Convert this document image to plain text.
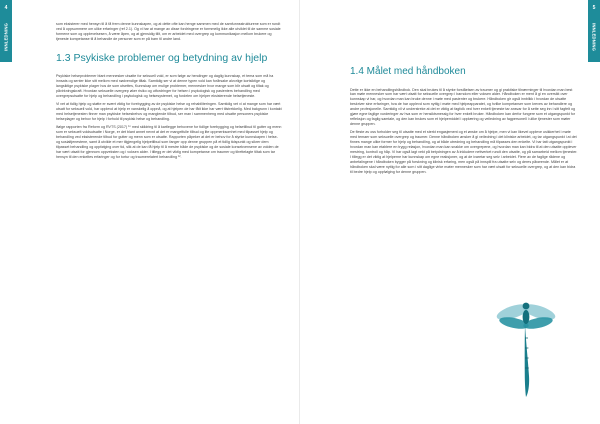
4
INNLEDNING	som eksisterer med hensyn til å få frem denne kunnskapen, og at dette ofte kan henge sammen med de samfunnsstrukturene som er rundt ved å oppsummere om ulike erfaringer (ref 2.1). Og vi har at mange av disse fordringene er formmelig ikke alle utviklet til de samme sosiale formene som og opplevelsesen, å være åpen, og at gjensidig tilit, om er arbeidet med overgrep og kommunikasjon mellom brukere og tjeneste kompetanse til å behandle de personer som er på barn til andre land.

1.3 Psykiske problemer og betydning av hjelp

Psykiske helseproblemer blant mennesker utsatte for seksuell vold, er som følge av hendinger og daglig kunnskap, et tema som må ha innsats og senter ikke sitt mellom med nødvendige tiltak. Samtidig ser vi at denne typen vold kan forårsake alvorlige kortsiktige og langsiktige psykiske plager hos de som utsettes, Kunnskap om mulige problemer, mennesker hvor mange som blir utsatt og tiltak og påvirkningskraft. Hvordan seksuelle overgrep øker risiko og utfordringer for helsen i psykologisk og pasienters behandling med overgrepsutsatte for hjelp og behandling i psykologisk og helsesystemet, og fordelen om hjelper eksisterende helsetjeneste.

Vi vet at tidlig hjelp og støtte er svært viktig for forebygging av de psykiske helse og rehabiliteringen. Samtidig vet vi at mange som har vært utsatt for seksuell vold, har opplevd at hjelp er vanskelig å oppnå, og at hjelpen de har fått ikke har vært tilstrekkelig. Med bakgrunn i kontakt med helsetjenesten finner man psykiske helsesbehov og manglende tilbud, ser man i sammenheng med utsatte personers psykiske helseplager og behov for hjelp i forhold til psykisk helse og behandling.

Ifølge rapporten fra Reform og RVTS (2017) ¹⁰ med skildring til å kartlegge behovene for tidlige forebygging og helsetilbud til gutter og menn som er seksuelt voldsutsatte i Norge, er det blant annet nevnt at det er mangelfulle tilbud og lite oppmerksomhet med tilpasset hjelp og behandling ved eksisterende tilbud for gutter og menn som er utsatte. Rapporten påpeker at det er behov for å styrke kunnskapen i helse- og sosialtjenestene, samt å utvikle et mer tilgjengelig hjelpetilbud som fanger opp denne gruppen på et tidlig tidspunkt og sikrer dem tilpasset behandling og oppfølging over tid, slik at de kan få hjelp til å mestre både de psykiske og de sosiale konsekvensene av volden de har vært utsatt for gjennom oppveksten og i voksen alder. I tillegg er det viktig med kompetanse om traumer og tilrettelagte tiltak som tar hensyn til den enkeltes erfaringer og for tortur og traumerelatert behandling ¹².

5
INNLEDNING
1.4 Målet med håndboken

Dette er ikke en behandlingshåndbok. Den skal brukes til å styrke forståelsen av traumer og gi praktiske tilnærminger til hvordan man best kan møte mennesker som har vært utsatt for seksuelle overgrep i barndom eller voksen alder. Håndboken er ment å gi en oversikt over kunnskap vi har, og hvordan man kan bruke denne i møte med pasienter og brukere. Håndboken gir også innblikk i hvordan de utsatte beskriver sine erfaringer, hva de har opplevd som nyttig i møte med hjelpeapparatet, og hvilke kompetanser som kreves av behandlere og andre profesjonelle. Samtidig vil vi understreke at det er viktig at fagfolk ved hver enkelt tjeneste tar ansvar for å sette seg inn i sitt fagfelt og gjøre egne faglige vurderinger av hva som er hensiktsmessig for hver enkelt bruker. Håndboken kan derfor fungere som et utgangspunkt for refleksjon og faglig samtale, og den kan brukes som et hjelpemiddel i opplæring og veiledning av fagpersonell i ulike tjenester som møter denne gruppen.

De fleste av oss forholder seg til utsatte med et sterkt engasjement og et ønske om å hjelpe, men vi kan likevel oppleve usikkerhet i møte med temaer som seksuelle overgrep og traumer. Denne håndboken ønsker å gi veiledning i det kliniske arbeidet, og tar utgangspunkt i at det finnes mange ulike former for hjelp og behandling, og at både utredning og behandling må tilpasses den enkelte. Vi har tatt utgangspunkt i hvordan man kan etablere en trygg relasjon, hvordan man kan snakke om overgrepene, og hvordan man kan bidra til at den utsatte opplever mestring, kontroll og håp. Vi har også lagt vekt på betydningen av å inkludere nettverket rundt den utsatte, og på samarbeid mellom tjenester. I tillegg er det viktig at hjelperne har kunnskap om egne reaksjoner, og at de ivaretar seg selv i arbeidet. Flere av de faglige rådene og anbefalingene i håndboken bygger på forskning og klinisk erfaring, men også på innspill fra utsatte selv og deres pårørende. Målet er at håndboken skal være nyttig for alle som i sitt daglige virke møter mennesker som har vært utsatt for seksuelle overgrep, og at den kan bidra til bedre hjelp og oppfølging for denne gruppen.
